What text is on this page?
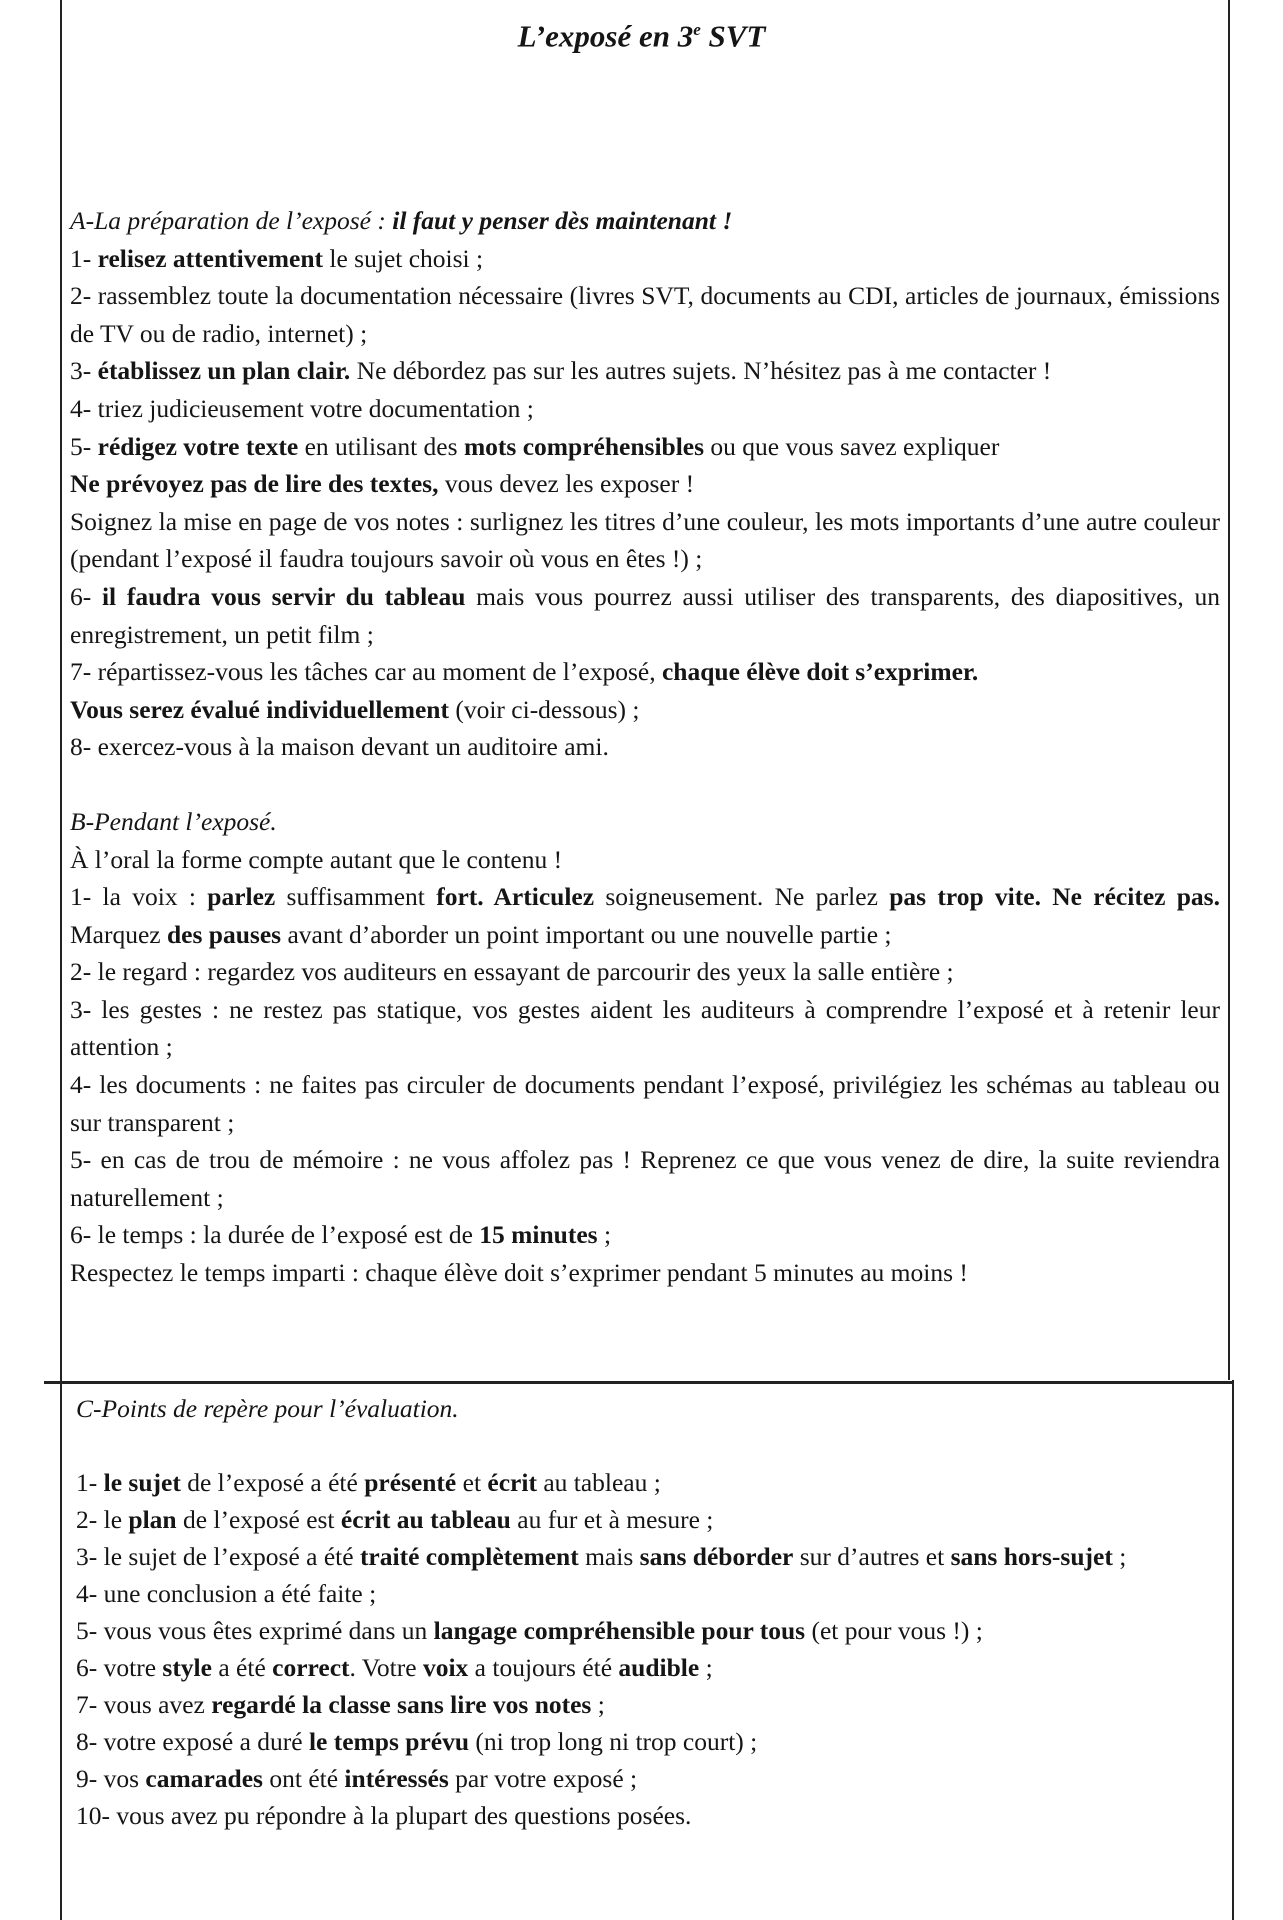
L’exposé en 3e SVT

A-La préparation de l’exposé : il faut y penser dès maintenant !

1- relisez attentivement le sujet choisi ;

2- rassemblez toute la documentation nécessaire (livres SVT, documents au CDI, articles de journaux, émissions de TV ou de radio, internet) ;

3- établissez un plan clair. Ne débordez pas sur les autres sujets. N’hésitez pas à me contacter !

4- triez judicieusement votre documentation ;

5- rédigez votre texte en utilisant des mots compréhensibles ou que vous savez expliquer

Ne prévoyez pas de lire des textes, vous devez les exposer !

Soignez la mise en page de vos notes : surlignez les titres d’une couleur, les mots importants d’une autre couleur (pendant l’exposé il faudra toujours savoir où vous en êtes !) ;

6- il faudra vous servir du tableau mais vous pourrez aussi utiliser des transparents, des diapositives, un enregistrement, un petit film ;

7- répartissez-vous les tâches car au moment de l’exposé, chaque élève doit s’exprimer.

Vous serez évalué individuellement (voir ci-dessous) ;

8- exercez-vous à la maison devant un auditoire ami.

B-Pendant l’exposé.

À l’oral la forme compte autant que le contenu !

1- la voix : parlez suffisamment fort. Articulez soigneusement. Ne parlez pas trop vite. Ne récitez pas. Marquez des pauses avant d’aborder un point important ou une nouvelle partie ;

2- le regard : regardez vos auditeurs en essayant de parcourir des yeux la salle entière ;

3- les gestes : ne restez pas statique, vos gestes aident les auditeurs à comprendre l’exposé et à retenir leur attention ;

4- les documents : ne faites pas circuler de documents pendant l’exposé, privilégiez les schémas au tableau ou sur transparent ;

5- en cas de trou de mémoire : ne vous affolez pas ! Reprenez ce que vous venez de dire, la suite reviendra naturellement ;

6- le temps : la durée de l’exposé est de 15 minutes ;

Respectez le temps imparti : chaque élève doit s’exprimer pendant 5 minutes au moins !

C-Points de repère pour l’évaluation.

1- le sujet de l’exposé a été présenté et écrit au tableau ;

2- le plan de l’exposé est écrit au tableau au fur et à mesure ;

3- le sujet de l’exposé a été traité complètement mais sans déborder sur d’autres et sans hors-sujet ;

4- une conclusion a été faite ;

5- vous vous êtes exprimé dans un langage compréhensible pour tous (et pour vous !) ;

6- votre style a été correct. Votre voix a toujours été audible ;

7- vous avez regardé la classe sans lire vos notes ;

8- votre exposé a duré le temps prévu (ni trop long ni trop court) ;

9- vos camarades ont été intéressés par votre exposé ;

10- vous avez pu répondre à la plupart des questions posées.
